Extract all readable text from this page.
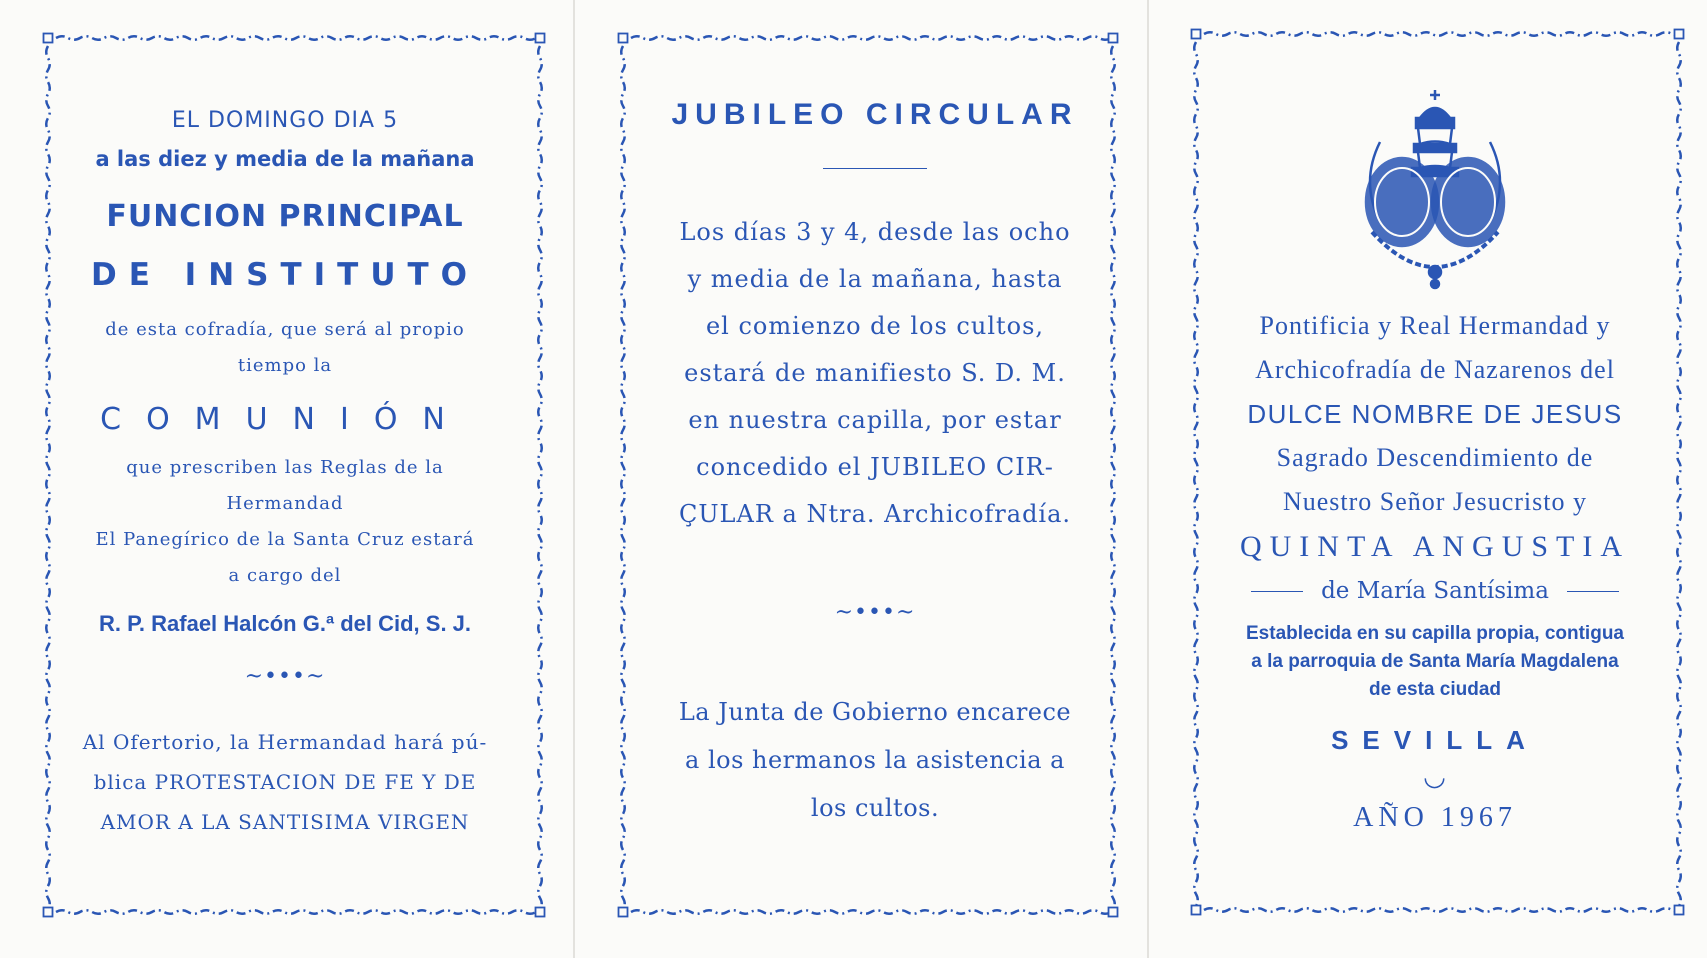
EL DOMINGO DIA 5
a las diez y media de la mañana
FUNCION PRINCIPAL
DE INSTITUTO
de esta cofradía, que será al propio
tiempo la
COMUNIÓN
que prescriben las Reglas de la
Hermandad
El Panegírico de la Santa Cruz estará
a cargo del
R. P. Rafael Halcón G.ª del Cid, S. J.
~•••~
Al Ofertorio, la Hermandad hará pú-
blica PROTESTACION DE FE Y DE
AMOR A LA SANTISIMA VIRGEN
JUBILEO CIRCULAR
Los días 3 y 4, desde las ocho
y media de la mañana, hasta
el comienzo de los cultos,
estará de manifiesto S. D. M.
en nuestra capilla, por estar
concedido el JUBILEO CIR-
ÇULAR a Ntra. Archicofradía.
~•••~
La Junta de Gobierno encarece
a los hermanos la asistencia a
los cultos.
Pontificia y Real Hermandad y
Archicofradía de Nazarenos del
DULCE NOMBRE DE JESUS
Sagrado Descendimiento de
Nuestro Señor Jesucristo y
QUINTA ANGUSTIA
de María Santísima
Establecida en su capilla propia, contigua
a la parroquia de Santa María Magdalena
de esta ciudad
SEVILLA
◡
AÑO 1967
